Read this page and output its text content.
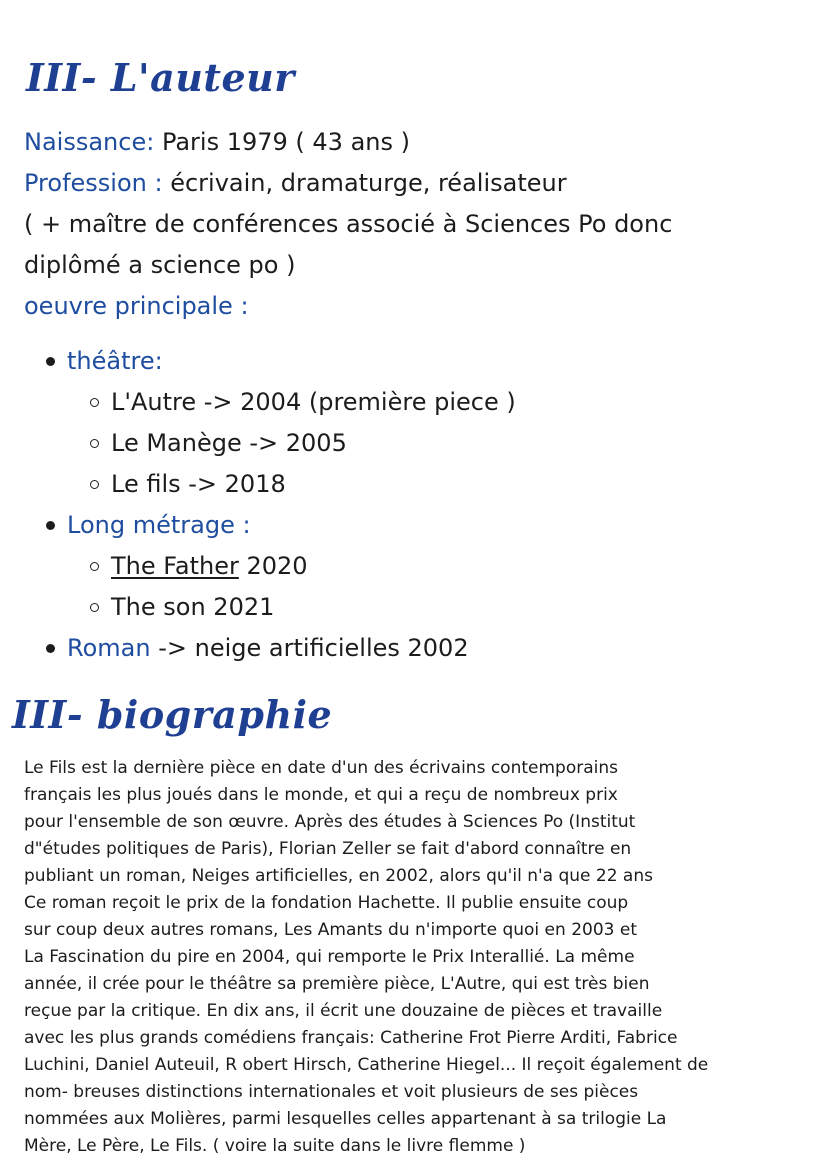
III- L'auteur

Naissance: Paris 1979 ( 43 ans )

Profession : écrivain, dramaturge, réalisateur

( + maître de conférences associé à Sciences Po donc

diplômé a science po )

oeuvre principale :

théâtre:
L'Autre -> 2004 (première piece )
Le Manège -> 2005
Le fils -> 2018
Long métrage :
The Father 2020
The son 2021
Roman -> neige artificielles 2002
III- biographie
Le Fils est la dernière pièce en date d'un des écrivains contemporains
français les plus joués dans le monde, et qui a reçu de nombreux prix
pour l'ensemble de son œuvre. Après des études à Sciences Po (Institut
d"études politiques de Paris), Florian Zeller se fait d'abord connaître en
publiant un roman, Neiges artificielles, en 2002, alors qu'il n'a que 22 ans
Ce roman reçoit le prix de la fondation Hachette. Il publie ensuite coup
sur coup deux autres romans, Les Amants du n'importe quoi en 2003 et
La Fascination du pire en 2004, qui remporte le Prix Interallié. La même
année, il crée pour le théâtre sa première pièce, L'Autre, qui est très bien
reçue par la critique. En dix ans, il écrit une douzaine de pièces et travaille
avec les plus grands comédiens français: Catherine Frot Pierre Arditi, Fabrice
Luchini, Daniel Auteuil, R obert Hirsch, Catherine Hiegel... Il reçoit également de
nom- breuses distinctions internationales et voit plusieurs de ses pièces
nommées aux Molières, parmi lesquelles celles appartenant à sa trilogie La
Mère, Le Père, Le Fils. ( voire la suite dans le livre flemme )
